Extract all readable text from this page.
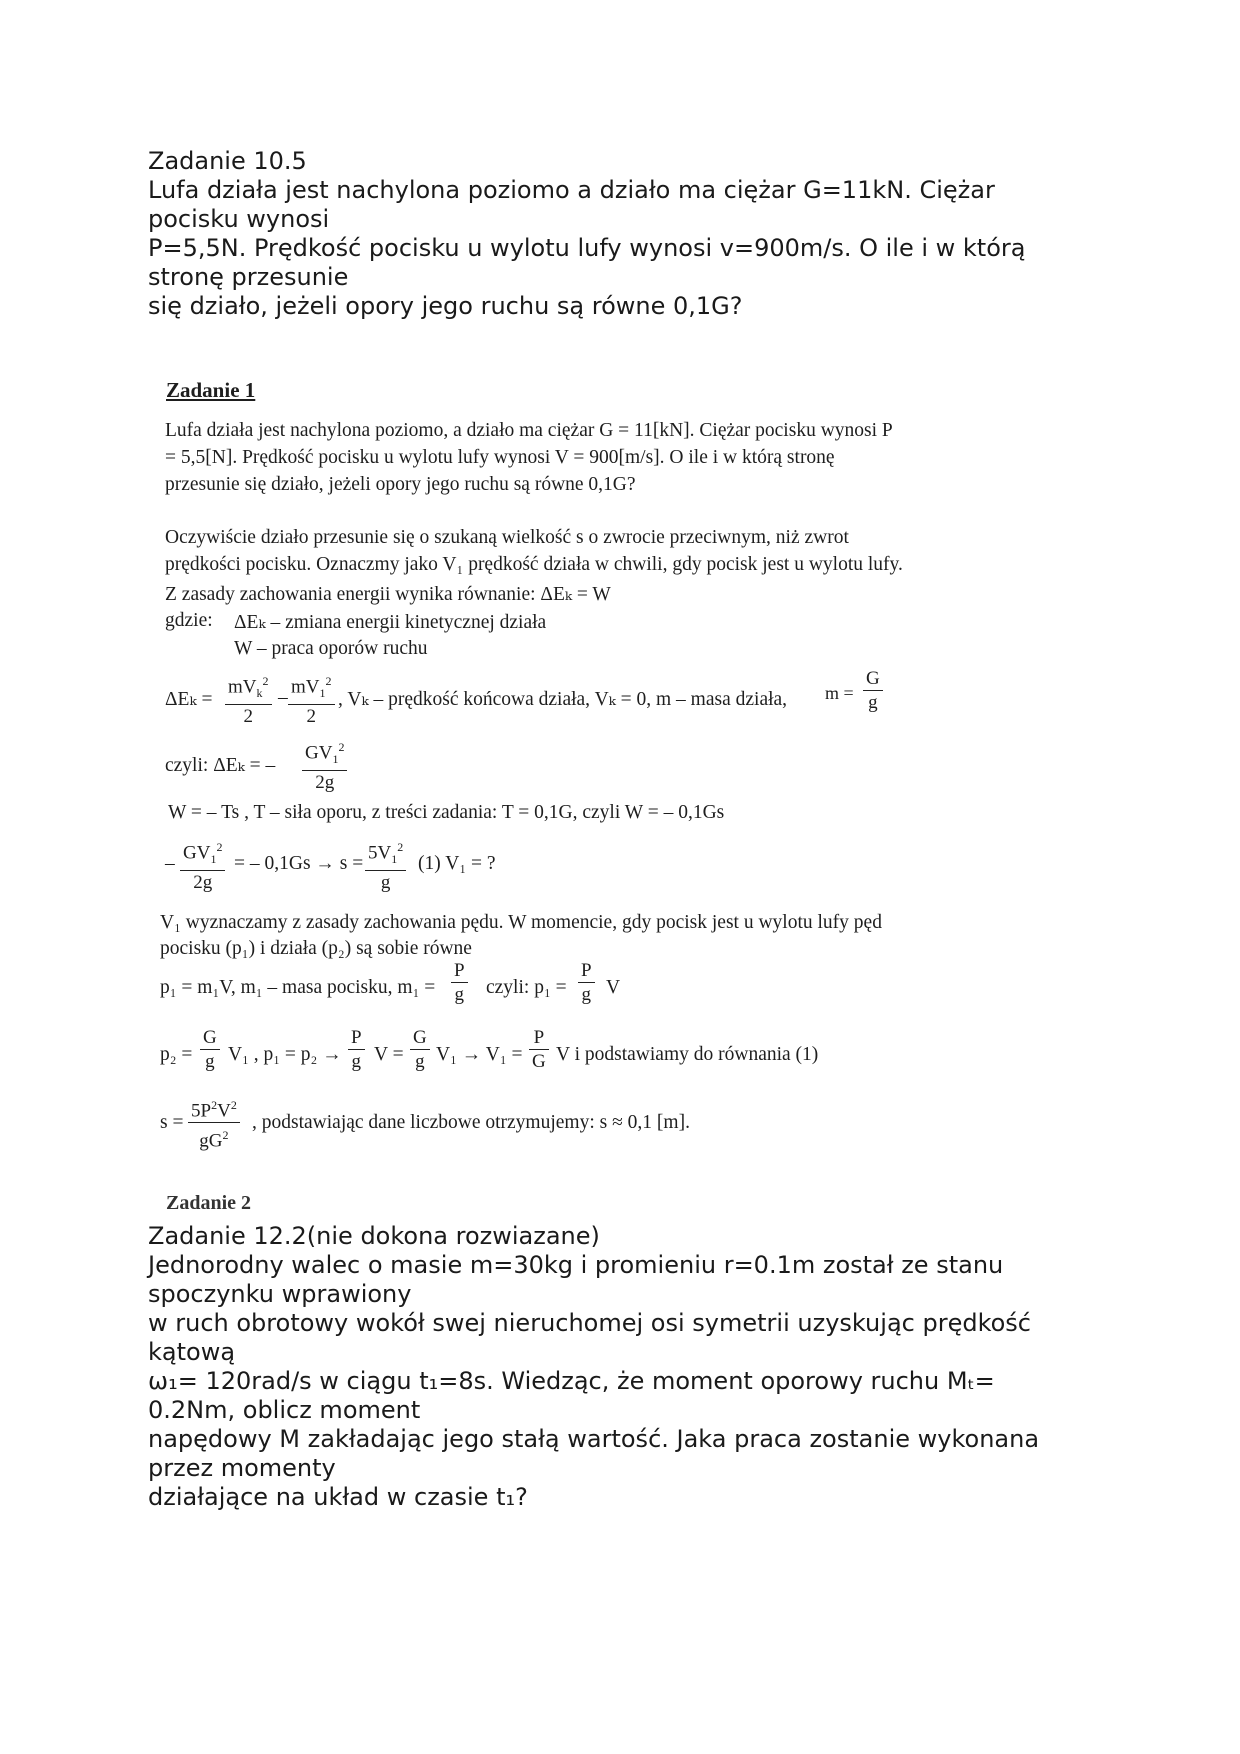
Zadanie 10.5
Lufa działa jest nachylona poziomo a działo ma ciężar G=11kN. Ciężar
pocisku wynosi
P=5,5N. Prędkość pocisku u wylotu lufy wynosi v=900m/s. O ile i w którą
stronę przesunie
się działo, jeżeli opory jego ruchu są równe 0,1G?
Zadanie 1
Lufa działa jest nachylona poziomo, a działo ma ciężar G = 11[kN]. Ciężar pocisku wynosi P
= 5,5[N]. Prędkość pocisku u wylotu lufy wynosi V = 900[m/s]. O ile i w którą stronę
przesunie się działo, jeżeli opory jego ruchu są równe 0,1G?
Oczywiście działo przesunie się o szukaną wielkość s o zwrocie przeciwnym, niż zwrot
prędkości pocisku. Oznaczmy jako V₁ prędkość działa w chwili, gdy pocisk jest u wylotu lufy.
Z zasady zachowania energii wynika równanie: ΔEₖ = W
gdzie: ΔEₖ – zmiana energii kinetycznej działa
W – praca oporów ruchu
ΔEₖ =
$mV_k^2$
2
– $\frac{mV_1^2}{2}$ , Vₖ – prędkość końcowa działa, Vₖ = 0, m – masa działa, $m = \frac{G}{g}$
czyli: ΔEₖ = – $\frac{GV_1^2}{2g}$
W = – Ts , T – siła oporu, z treści zadania: T = 0,1G, czyli W = – 0,1Gs
– $\frac{GV_1^2}{2g}$ = – $0,1Gs \to s = \frac{5V_1^2}{g} (1) V_1$ = ?
V₁ wyznaczamy z zasady zachowania pędu. W momencie, gdy pocisk jest u wylotu lufy pęd
pocisku (p₁) i działa (p₂) są sobie równe
p₁ = m₁V, m₁ – masa pocisku, $m_1 = \frac{P}{g}$ czyli: $p_1 = \frac{P}{g}$ V
$p_2 = \frac{G}{g} V_1$ , $p_1 = p_2 \to \frac{P}{g}$ $V = \frac{G}{g} V_1 \to V_1 = \frac{P}{G}$ V i podstawiamy do równania (1)
$s = \frac{5P^2V^2}{gG^2}$ , podstawiając dane liczbowe otrzymujemy: s ≈ 0,1 [m].
Zadanie 2
Zadanie 12.2(nie dokona rozwiazane)
Jednorodny walec o masie m=30kg i promieniu r=0.1m został ze stanu
spoczynku wprawiony
w ruch obrotowy wokół swej nieruchomej osi symetrii uzyskując prędkość
kątową
ω₁= 120rad/s w ciągu t₁=8s. Wiedząc, że moment oporowy ruchu Mₜ=
0.2Nm, oblicz moment
napędowy M zakładając jego stałą wartość. Jaka praca zostanie wykonana
przez momenty
działające na układ w czasie t₁?
